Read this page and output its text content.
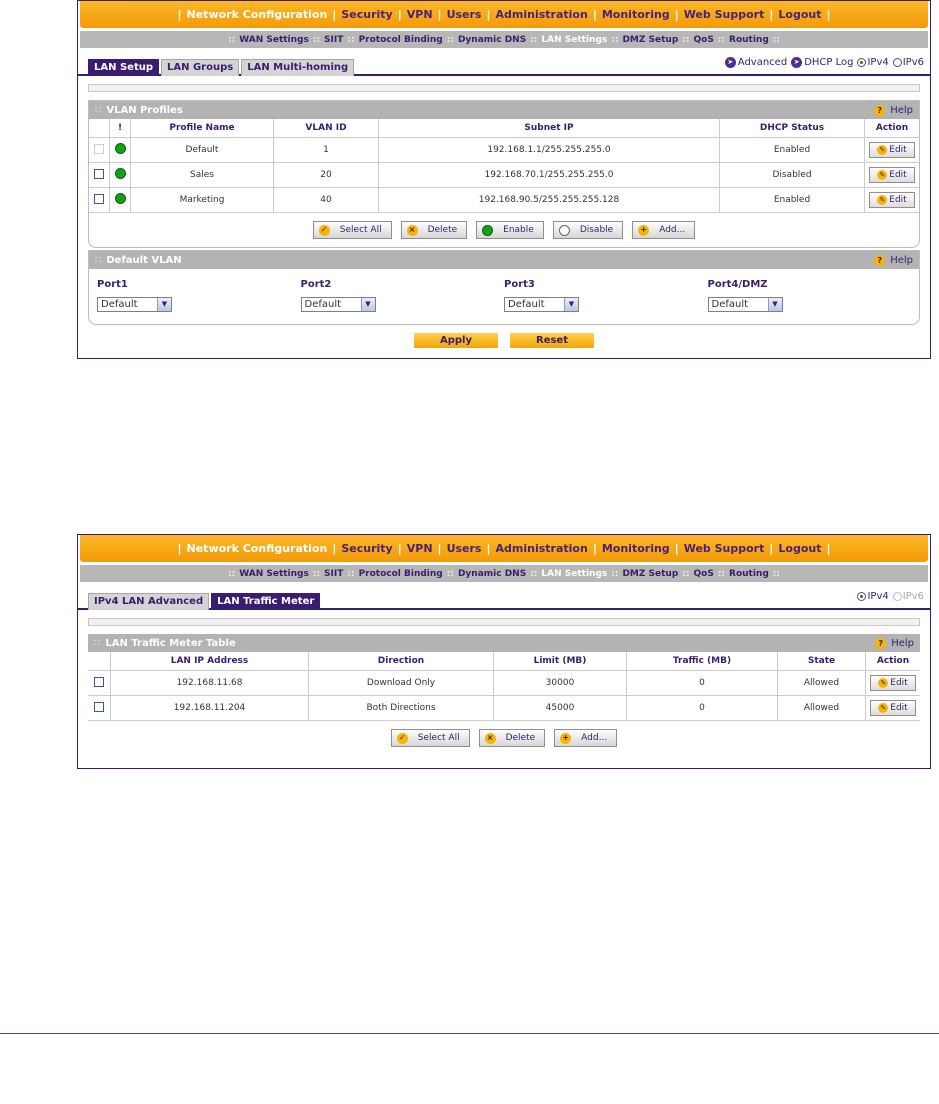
| Network Configuration | Security | VPN | Users | Administration | Monitoring | Web Support | Logout |
:: WAN Settings :: SIIT :: Protocol Binding :: Dynamic DNS :: LAN Settings :: DMZ Setup :: QoS :: Routing ::
LAN Setup	LAN Groups	LAN Multi-homing	➤ Advanced ➤ DHCP Log IPv4 IPv6
∷ VLAN Profiles	? Help
	!	Profile Name	VLAN ID	Subnet IP	DHCP Status	Action
		Default	1	192.168.1.1/255.255.255.0	Enabled	✎ Edit

		Sales	20	192.168.70.1/255.255.255.0	Disabled	✎ Edit

		Marketing	40	192.168.90.5/255.255.255.128	Enabled	✎ Edit
✓ Select All	× Delete	Enable	Disable	+ Add...
∷ Default VLAN	? Help
Port1
Default	▼
Port2
Default	▼
Port3
Default	▼
Port4/DMZ
Default	▼
Apply	Reset
| Network Configuration | Security | VPN | Users | Administration | Monitoring | Web Support | Logout |
:: WAN Settings :: SIIT :: Protocol Binding :: Dynamic DNS :: LAN Settings :: DMZ Setup :: QoS :: Routing ::
IPv4 LAN Advanced	LAN Traffic Meter	IPv4 IPv6
∷ LAN Traffic Meter Table	? Help
	LAN IP Address	Direction	Limit (MB)	Traffic (MB)	State	Action
	192.168.11.68	Download Only	30000	0	Allowed	✎ Edit

	192.168.11.204	Both Directions	45000	0	Allowed	✎ Edit
✓ Select All	× Delete	+ Add...
